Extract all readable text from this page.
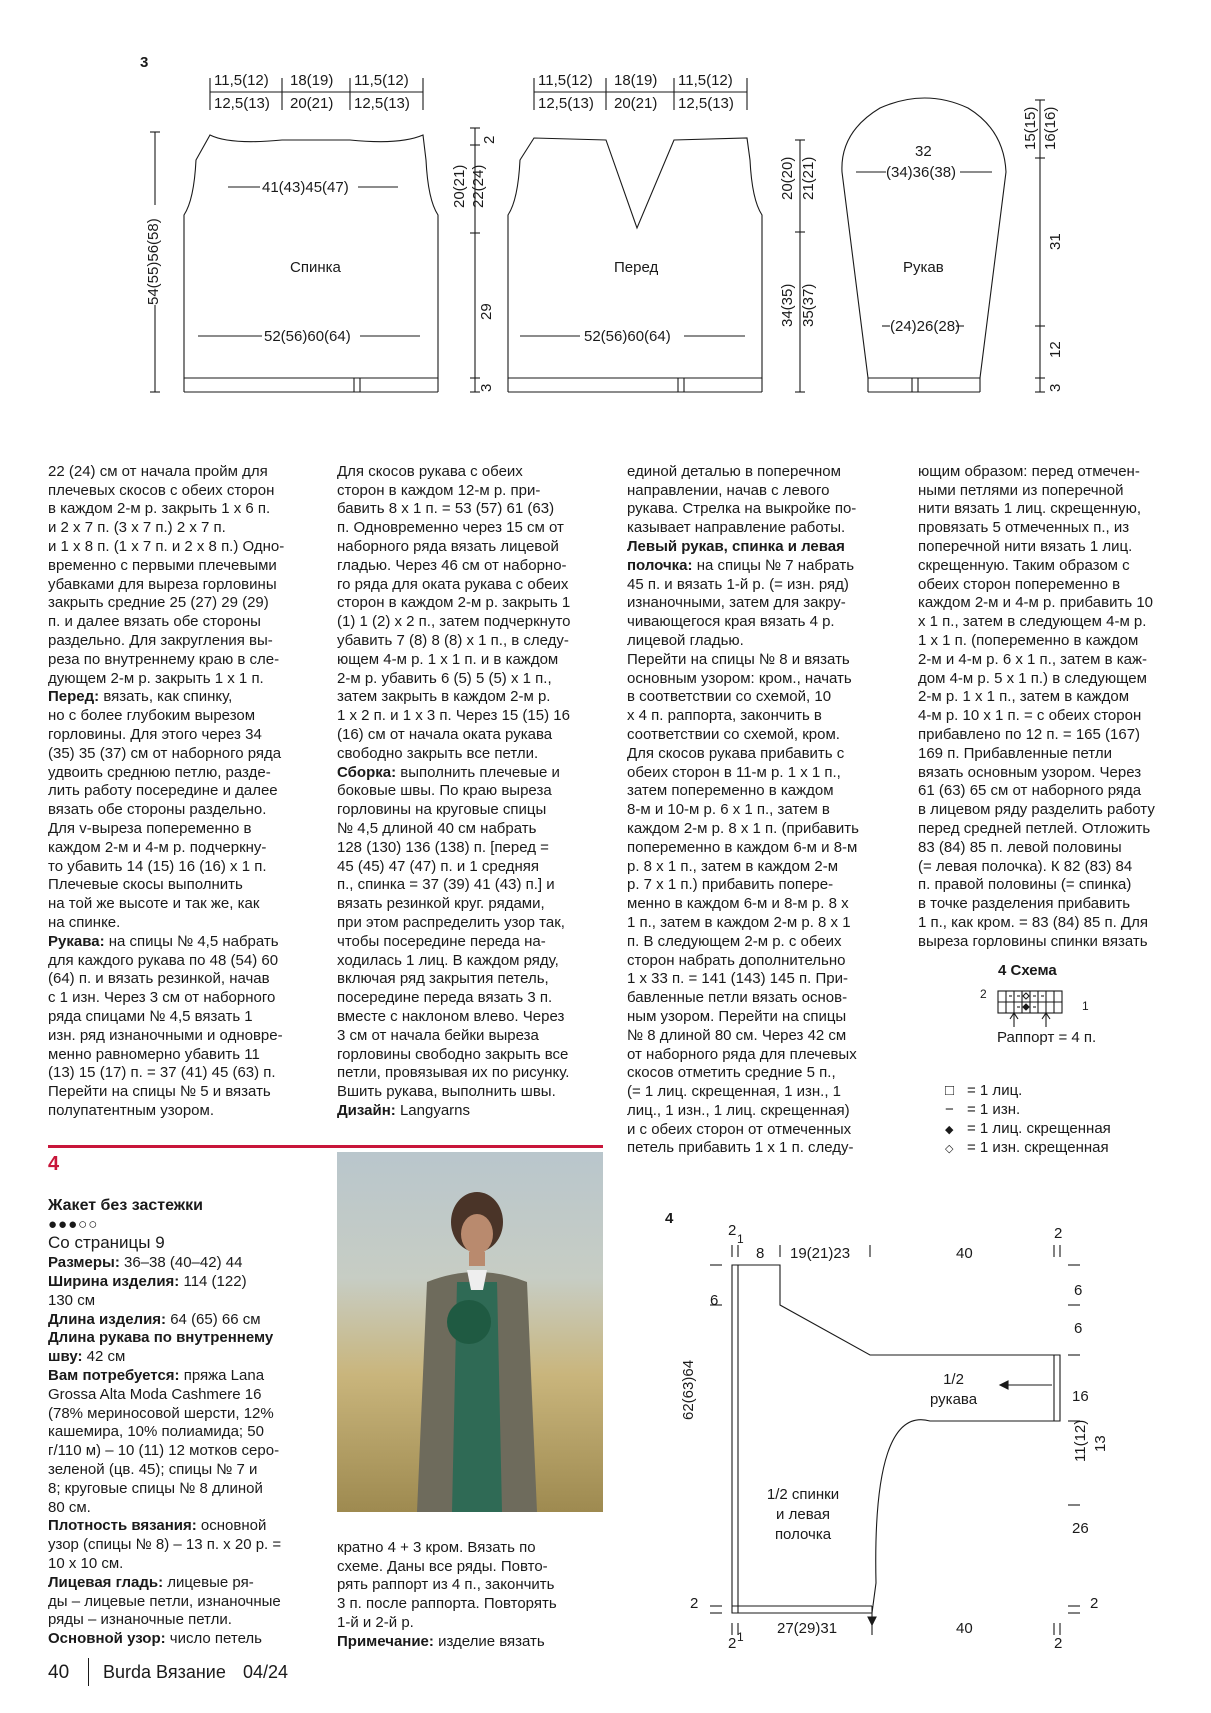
3
11,5(12) 18(19) 11,5(12)
12,5(13) 20(21) 12,5(13)
41(43)45(47)
Спинка
52(56)60(64)
54(55)56(58)
20(21) 22(24)
2
29
3
11,5(12) 18(19) 11,5(12)
12,5(13) 20(21) 12,5(13)
Перед
52(56)60(64)
20(20) 21(21)
34(35) 35(37)
32
(34)36(38)
Рукав
(24)26(28)
15(15) 16(16)
31
12
3

22 (24) см от начала пройм для
плечевых скосов с обеих сторон
в каждом 2-м р. закрыть 1 х 6 п.
и 2 х 7 п. (3 х 7 п.) 2 х 7 п.
и 1 х 8 п. (1 х 7 п. и 2 х 8 п.) Одно-
временно с первыми плечевыми
убавками для выреза горловины
закрыть средние 25 (27) 29 (29)
п. и далее вязать обе стороны
раздельно. Для закругления вы-
реза по внутреннему краю в сле-
дующем 2-м р. закрыть 1 х 1 п.
Перед: вязать, как спинку,
но с более глубоким вырезом
горловины. Для этого через 34
(35) 35 (37) см от наборного ряда
удвоить среднюю петлю, разде-
лить работу посередине и далее
вязать обе стороны раздельно.
Для v-выреза попеременно в
каждом 2-м и 4-м р. подчеркну-
то убавить 14 (15) 16 (16) х 1 п.
Плечевые скосы выполнить
на той же высоте и так же, как
на спинке.
Рукава: на спицы № 4,5 набрать
для каждого рукава по 48 (54) 60
(64) п. и вязать резинкой, начав
с 1 изн. Через 3 см от наборного
ряда спицами № 4,5 вязать 1
изн. ряд изнаночными и одновре-
менно равномерно убавить 11
(13) 15 (17) п. = 37 (41) 45 (63) п.
Перейти на спицы № 5 и вязать
полупатентным узором.

Для скосов рукава с обеих
сторон в каждом 12-м р. при-
бавить 8 х 1 п. = 53 (57) 61 (63)
п. Одновременно через 15 см от
наборного ряда вязать лицевой
гладью. Через 46 см от наборно-
го ряда для оката рукава с обеих
сторон в каждом 2-м р. закрыть 1
(1) 1 (2) х 2 п., затем подчеркнуто
убавить 7 (8) 8 (8) х 1 п., в следу-
ющем 4-м р. 1 х 1 п. и в каждом
2-м р. убавить 6 (5) 5 (5) х 1 п.,
затем закрыть в каждом 2-м р.
1 х 2 п. и 1 х 3 п. Через 15 (15) 16
(16) см от начала оката рукава
свободно закрыть все петли.
Сборка: выполнить плечевые и
боковые швы. По краю выреза
горловины на круговые спицы
№ 4,5 длиной 40 см набрать
128 (130) 136 (138) п. [перед =
45 (45) 47 (47) п. и 1 средняя
п., спинка = 37 (39) 41 (43) п.] и
вязать резинкой круг. рядами,
при этом распределить узор так,
чтобы посередине переда на-
ходилась 1 лиц. В каждом ряду,
включая ряд закрытия петель,
посередине переда вязать 3 п.
вместе с наклоном влево. Через
3 см от начала бейки выреза
горловины свободно закрыть все
петли, провязывая их по рисунку.
Вшить рукава, выполнить швы.
Дизайн: Langyarns

единой деталью в поперечном
направлении, начав с левого
рукава. Стрелка на выкройке по-
казывает направление работы.
Левый рукав, спинка и левая
полочка: на спицы № 7 набрать
45 п. и вязать 1-й р. (= изн. ряд)
изнаночными, затем для закру-
чивающегося края вязать 4 р.
лицевой гладью.
Перейти на спицы № 8 и вязать
основным узором: кром., начать
в соответствии со схемой, 10
х 4 п. раппорта, закончить в
соответствии со схемой, кром.
Для скосов рукава прибавить с
обеих сторон в 11-м р. 1 х 1 п.,
затем попеременно в каждом
8-м и 10-м р. 6 х 1 п., затем в
каждом 2-м р. 8 х 1 п. (прибавить
попеременно в каждом 6-м и 8-м
р. 8 х 1 п., затем в каждом 2-м
р. 7 х 1 п.) прибавить попере-
менно в каждом 6-м и 8-м р. 8 х
1 п., затем в каждом 2-м р. 8 х 1
п. В следующем 2-м р. с обеих
сторон набрать дополнительно
1 х 33 п. = 141 (143) 145 п. При-
бавленные петли вязать основ-
ным узором. Перейти на спицы
№ 8 длиной 80 см. Через 42 см
от наборного ряда для плечевых
скосов отметить средние 5 п.,
(= 1 лиц. скрещенная, 1 изн., 1
лиц., 1 изн., 1 лиц. скрещенная)
и с обеих сторон от отмеченных
петель прибавить 1 х 1 п. следу-

ющим образом: перед отмечен-
ными петлями из поперечной
нити вязать 1 лиц. скрещенную,
провязать 5 отмеченных п., из
поперечной нити вязать 1 лиц.
скрещенную. Таким образом с
обеих сторон попеременно в
каждом 2-м и 4-м р. прибавить 10
х 1 п., затем в следующем 4-м р.
1 х 1 п. (попеременно в каждом
2-м и 4-м р. 6 х 1 п., затем в каж-
дом 4-м р. 5 х 1 п.) в следующем
2-м р. 1 х 1 п., затем в каждом
4-м р. 10 х 1 п. = с обеих сторон
прибавлено по 12 п. = 165 (167)
169 п. Прибавленные петли
вязать основным узором. Через
61 (63) 65 см от наборного ряда
в лицевом ряду разделить работу
перед средней петлей. Отложить
83 (84) 85 п. левой половины
(= левая полочка). К 82 (83) 84
п. правой половины (= спинка)
в точке разделения прибавить
1 п., как кром. = 83 (84) 85 п. Для
выреза горловины спинки вязать

4 Схема
2
1
Раппорт = 4 п.
□ = 1 лиц.
− = 1 изн.
◆ = 1 лиц. скрещенная
◇ = 1 изн. скрещенная
4

Жакет без застежки
●●●○○
Со страницы 9
Размеры: 36–38 (40–42) 44
Ширина изделия: 114 (122)
130 см
Длина изделия: 64 (65) 66 см
Длина рукава по внутреннему
шву: 42 см
Вам потребуется: пряжа Lana
Grossa Alta Moda Cashmere 16
(78% мериносовой шерсти, 12%
кашемира, 10% полиамида; 50
г/110 м) – 10 (11) 12 мотков серо-
зеленой (цв. 45); спицы № 7 и
8; круговые спицы № 8 длиной
80 см.
Плотность вязания: основной
узор (спицы № 8) – 13 п. x 20 р. =
10 x 10 см.
Лицевая гладь: лицевые ря-
ды – лицевые петли, изнаночные
ряды – изнаночные петли.
Основной узор: число петель

кратно 4 + 3 кром. Вязать по
схеме. Даны все ряды. Повто-
рять раппорт из 4 п., закончить
3 п. после раппорта. Повторять
1-й и 2-й р.
Примечание: изделие вязать

4
2 1
8 19(21)23	40
2
1/2
рукава
1/2 спинки
и левая
полочка
62(63)64
6
6
6
16
11(12) 13
26
2
2
2 1 27(29)31	40
2
40 Burda Вязание 04/24
